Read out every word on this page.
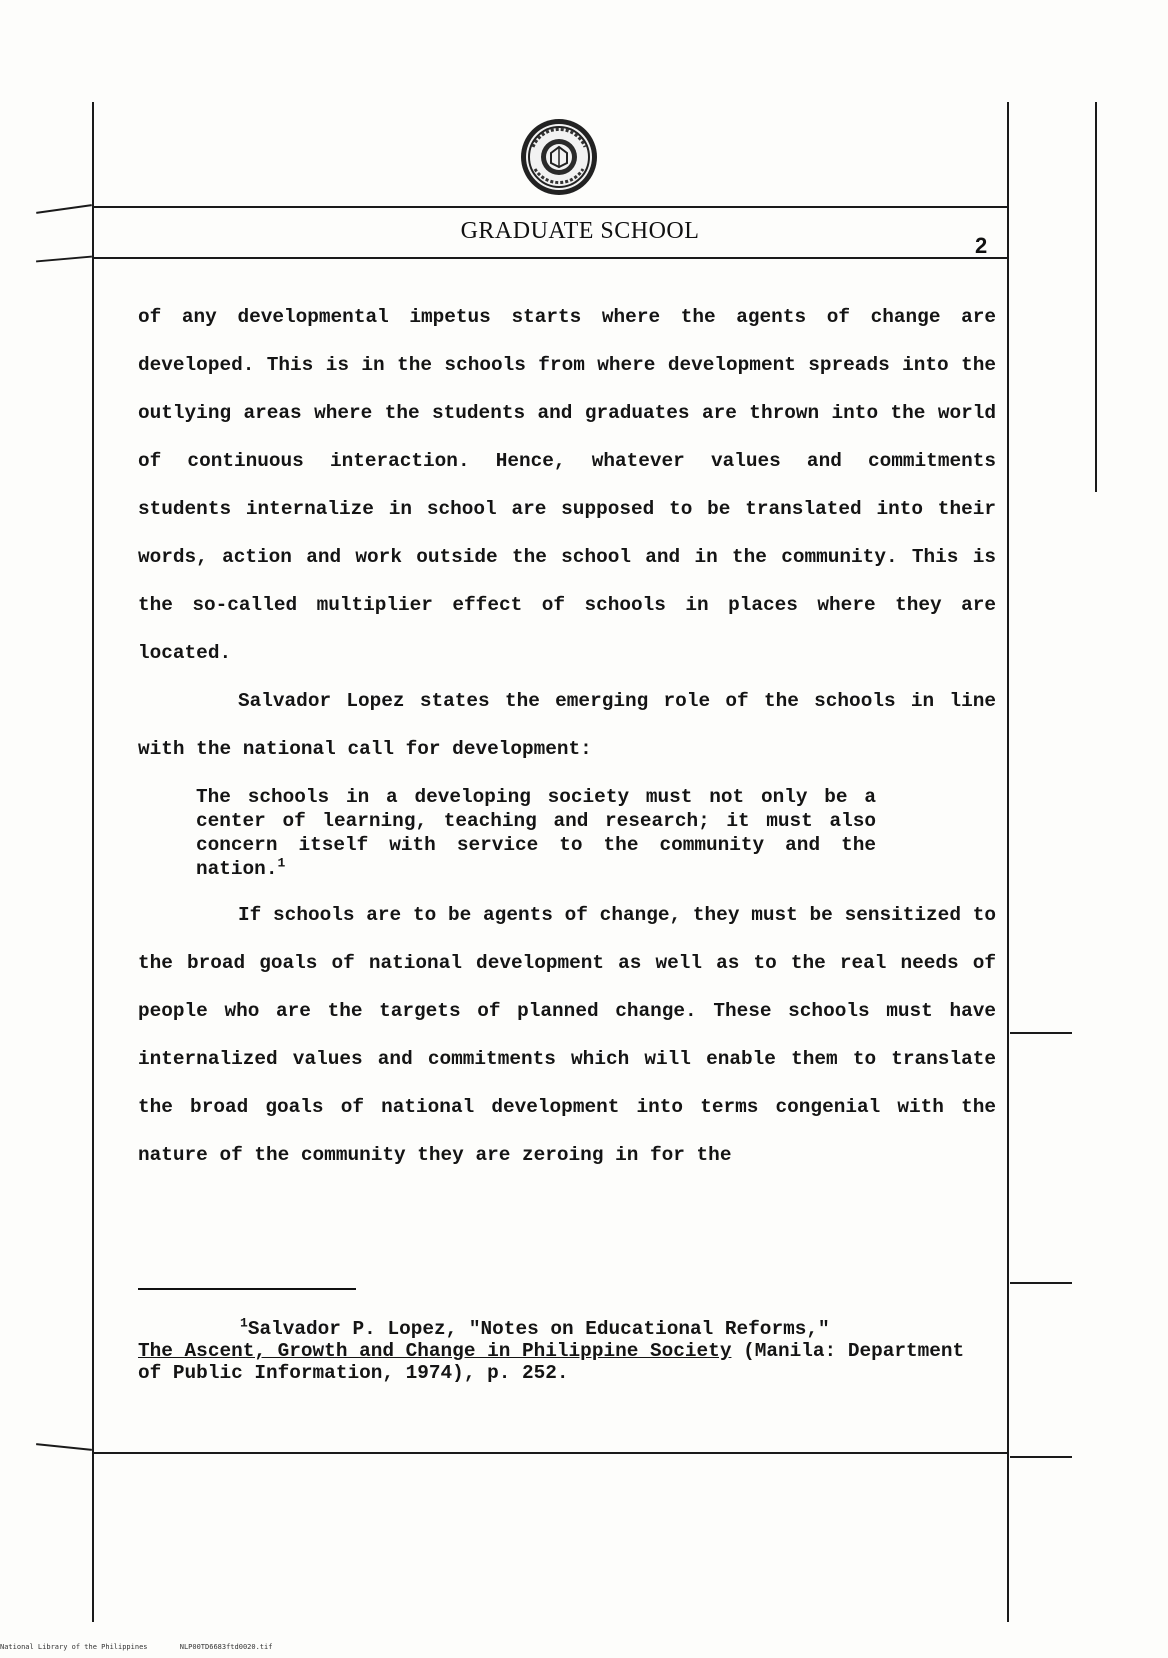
GRADUATE SCHOOL
2

of any developmental impetus starts where the agents of change are developed. This is in the schools from where development spreads into the outlying areas where the students and graduates are thrown into the world of continuous interaction. Hence, whatever values and commitments students internalize in school are supposed to be translated into their words, action and work outside the school and in the community. This is the so-called multiplier effect of schools in places where they are located.

Salvador Lopez states the emerging role of the schools in line with the national call for development:

The schools in a developing society must not only be a center of learning, teaching and research; it must also concern itself with service to the community and the nation.$^1$

If schools are to be agents of change, they must be sensitized to the broad goals of national development as well as to the real needs of people who are the targets of planned change. These schools must have internalized values and commitments which will enable them to translate the broad goals of national development into terms congenial with the nature of the community they are zeroing in for the

$^1$Salvador P. Lopez, "Notes on Educational Reforms,"
The Ascent, Growth and Change in Philippine Society (Manila: Department of Public Information, 1974), p. 252.
National Library of the Philippines	NLP00TD6683ftd0020.tif
